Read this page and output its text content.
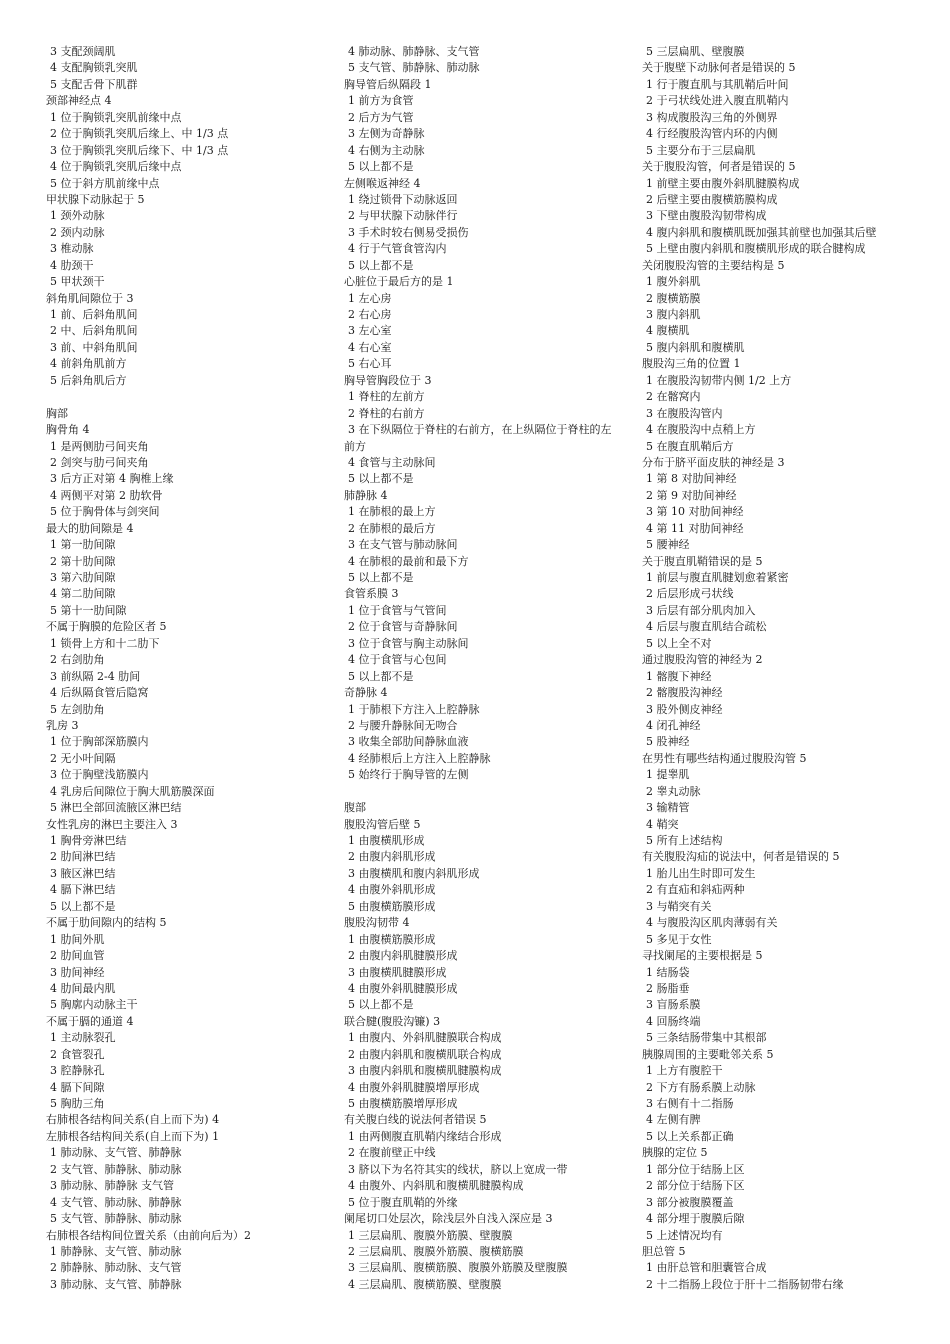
3 支配颈阔肌
4 支配胸锁乳突肌
5 支配舌骨下肌群
颈部神经点 4
1 位于胸锁乳突肌前缘中点
2 位于胸锁乳突肌后缘上、中 1/3 点
3 位于胸锁乳突肌后缘下、中 1/3 点
4 位于胸锁乳突肌后缘中点
5 位于斜方肌前缘中点
甲状腺下动脉起于 5
1 颈外动脉
2 颈内动脉
3 椎动脉
4 肋颈干
5 甲状颈干
斜角肌间隙位于 3
1 前、后斜角肌间
2 中、后斜角肌间
3 前、中斜角肌间
4 前斜角肌前方
5 后斜角肌后方
胸部
胸骨角 4
1 是两侧肋弓间夹角
2 剑突与肋弓间夹角
3 后方正对第 4 胸椎上缘
4 两侧平对第 2 肋软骨
5 位于胸骨体与剑突间
最大的肋间隙是 4
1 第一肋间隙
2 第十肋间隙
3 第六肋间隙
4 第二肋间隙
5 第十一肋间隙
不属于胸膜的危险区者 5
1 锁骨上方和十二肋下
2 右剑肋角
3 前纵隔 2-4 肋间
4 后纵隔食管后隐窝
5 左剑肋角
乳房 3
1 位于胸部深筋膜内
2 无小叶间隔
3 位于胸壁浅筋膜内
4 乳房后间隙位于胸大肌筋膜深面
5 淋巴全部回流腋区淋巴结
女性乳房的淋巴主要注入 3
1 胸骨旁淋巴结
2 肋间淋巴结
3 腋区淋巴结
4 膈下淋巴结
5 以上都不是
不属于肋间隙内的结构 5
1 肋间外肌
2 肋间血管
3 肋间神经
4 肋间最内肌
5 胸廓内动脉主干
不属于膈的通道 4
1 主动脉裂孔
2 食管裂孔
3 腔静脉孔
4 膈下间隙
5 胸肋三角
右肺根各结构间关系(自上而下为) 4
左肺根各结构间关系(自上而下为) 1
1 肺动脉、支气管、肺静脉
2 支气管、肺静脉、肺动脉
3 肺动脉、肺静脉 支气管
4 支气管、肺动脉、肺静脉
5 支气管、肺静脉、肺动脉
右肺根各结构间位置关系（由前向后为）2
1 肺静脉、支气管、肺动脉
2 肺静脉、肺动脉、支气管
3 肺动脉、支气管、肺静脉
4 肺动脉、肺静脉、支气管
5 支气管、肺静脉、肺动脉
胸导管后纵隔段 1
1 前方为食管
2 后方为气管
3 左侧为奇静脉
4 右侧为主动脉
5 以上都不是
左侧喉返神经 4
1 绕过锁骨下动脉返回
2 与甲状腺下动脉伴行
3 手术时较右侧易受损伤
4 行于气管食管沟内
5 以上都不是
心脏位于最后方的是 1
1 左心房
2 右心房
3 左心室
4 右心室
5 右心耳
胸导管胸段位于 3
1 脊柱的左前方
2 脊柱的右前方
3 在下纵隔位于脊柱的右前方，在上纵隔位于脊柱的左
前方
4 食管与主动脉间
5 以上都不是
肺静脉 4
1 在肺根的最上方
2 在肺根的最后方
3 在支气管与肺动脉间
4 在肺根的最前和最下方
5 以上都不是
食管系膜 3
1 位于食管与气管间
2 位于食管与奇静脉间
3 位于食管与胸主动脉间
4 位于食管与心包间
5 以上都不是
奇静脉 4
1 于肺根下方注入上腔静脉
2 与腰升静脉间无吻合
3 收集全部肋间静脉血液
4 经肺根后上方注入上腔静脉
5 始终行于胸导管的左侧
腹部
腹股沟管后壁 5
1 由腹横肌形成
2 由腹内斜肌形成
3 由腹横肌和腹内斜肌形成
4 由腹外斜肌形成
5 由腹横筋膜形成
腹股沟韧带 4
1 由腹横筋膜形成
2 由腹内斜肌腱膜形成
3 由腹横肌腱膜形成
4 由腹外斜肌腱膜形成
5 以上都不是
联合腱(腹股沟镰) 3
1 由腹内、外斜肌腱膜联合构成
2 由腹内斜肌和腹横肌联合构成
3 由腹内斜肌和腹横肌腱膜构成
4 由腹外斜肌腱膜增厚形成
5 由腹横筋膜增厚形成
有关腹白线的说法何者错误 5
1 由两侧腹直肌鞘内缘结合形成
2 在腹前壁正中线
3 脐以下为名符其实的线状，脐以上宽成一带
4 由腹外、内斜肌和腹横肌腱膜构成
5 位于腹直肌鞘的外缘
阑尾切口处层次，除浅层外自浅入深应是 3
1 三层扁肌、腹膜外筋膜、壁腹膜
2 三层扁肌、腹膜外筋膜、腹横筋膜
3 三层扁肌、腹横筋膜、腹膜外筋膜及壁腹膜
4 三层扁肌、腹横筋膜、壁腹膜
5 三层扁肌、壁腹膜
关于腹壁下动脉何者是错误的 5
1 行于腹直肌与其肌鞘后叶间
2 于弓状线处进入腹直肌鞘内
3 构成腹股沟三角的外侧界
4 行经腹股沟管内环的内侧
5 主要分布于三层扁肌
关于腹股沟管，何者是错误的 5
1 前壁主要由腹外斜肌腱膜构成
2 后壁主要由腹横筋膜构成
3 下壁由腹股沟韧带构成
4 腹内斜肌和腹横肌既加强其前壁也加强其后壁
5 上壁由腹内斜肌和腹横肌形成的联合腱构成
关闭腹股沟管的主要结构是 5
1 腹外斜肌
2 腹横筋膜
3 腹内斜肌
4 腹横肌
5 腹内斜肌和腹横肌
腹股沟三角的位置 1
1 在腹股沟韧带内侧 1/2 上方
2 在髂窝内
3 在腹股沟管内
4 在腹股沟中点稍上方
5 在腹直肌鞘后方
分布于脐平面皮肤的神经是 3
1 第 8 对肋间神经
2 第 9 对肋间神经
3 第 10 对肋间神经
4 第 11 对肋间神经
5 腰神经
关于腹直肌鞘错误的是 5
1 前层与腹直肌腱划愈着紧密
2 后层形成弓状线
3 后层有部分肌肉加入
4 后层与腹直肌结合疏松
5 以上全不对
通过腹股沟管的神经为 2
1 髂腹下神经
2 髂腹股沟神经
3 股外侧皮神经
4 闭孔神经
5 股神经
在男性有哪些结构通过腹股沟管 5
1 提睾肌
2 睾丸动脉
3 输精管
4 鞘突
5 所有上述结构
有关腹股沟疝的说法中，何者是错误的 5
1 胎儿出生时即可发生
2 有直疝和斜疝两种
3 与鞘突有关
4 与腹股沟区肌肉薄弱有关
5 多见于女性
寻找阑尾的主要根据是 5
1 结肠袋
2 肠脂垂
3 盲肠系膜
4 回肠终端
5 三条结肠带集中其根部
胰腺周围的主要毗邻关系 5
1 上方有腹腔干
2 下方有肠系膜上动脉
3 右侧有十二指肠
4 左侧有脾
5 以上关系都正确
胰腺的定位 5
1 部分位于结肠上区
2 部分位于结肠下区
3 部分被腹膜覆盖
4 部分埋于腹膜后隙
5 上述情况均有
胆总管 5
1 由肝总管和胆囊管合成
2 十二指肠上段位于肝十二指肠韧带右缘
